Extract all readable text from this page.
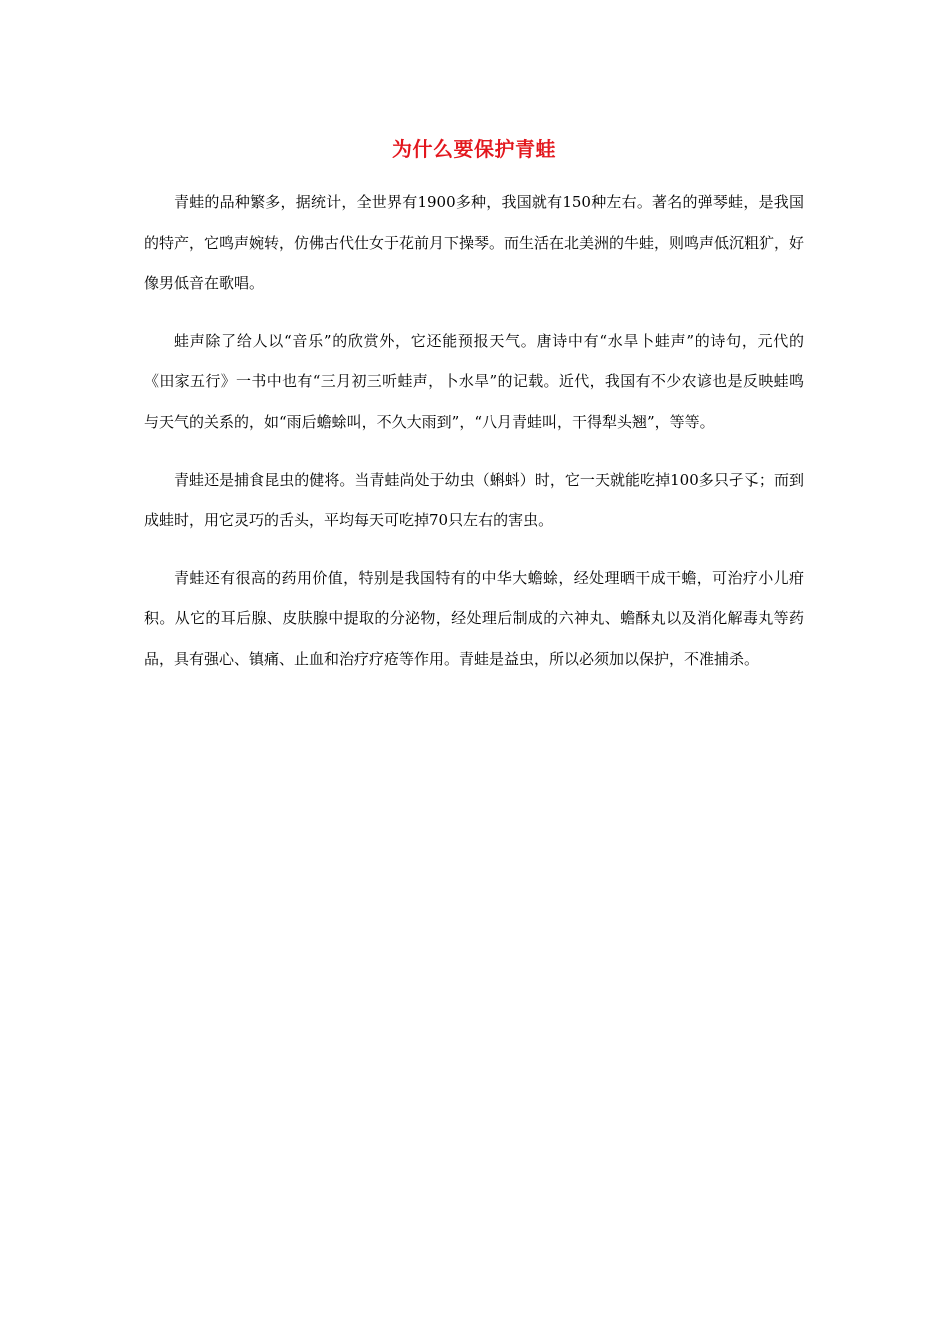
为什么要保护青蛙

青蛙的品种繁多，据统计，全世界有1900多种，我国就有150种左右。著名的弹琴蛙，是我国的特产，它鸣声婉转，仿佛古代仕女于花前月下操琴。而生活在北美洲的牛蛙，则鸣声低沉粗犷，好像男低音在歌唱。

蛙声除了给人以“音乐”的欣赏外，它还能预报天气。唐诗中有“水旱卜蛙声”的诗句，元代的《田家五行》一书中也有“三月初三听蛙声，卜水旱”的记载。近代，我国有不少农谚也是反映蛙鸣与天气的关系的，如“雨后蟾蜍叫，不久大雨到”，“八月青蛙叫，干得犁头翘”，等等。

青蛙还是捕食昆虫的健将。当青蛙尚处于幼虫（蝌蚪）时，它一天就能吃掉100多只孑孓；而到成蛙时，用它灵巧的舌头，平均每天可吃掉70只左右的害虫。

青蛙还有很高的药用价值，特别是我国特有的中华大蟾蜍，经处理晒干成干蟾，可治疗小儿疳积。从它的耳后腺、皮肤腺中提取的分泌物，经处理后制成的六神丸、蟾酥丸以及消化解毒丸等药品，具有强心、镇痛、止血和治疗疗疮等作用。青蛙是益虫，所以必须加以保护，不准捕杀。
